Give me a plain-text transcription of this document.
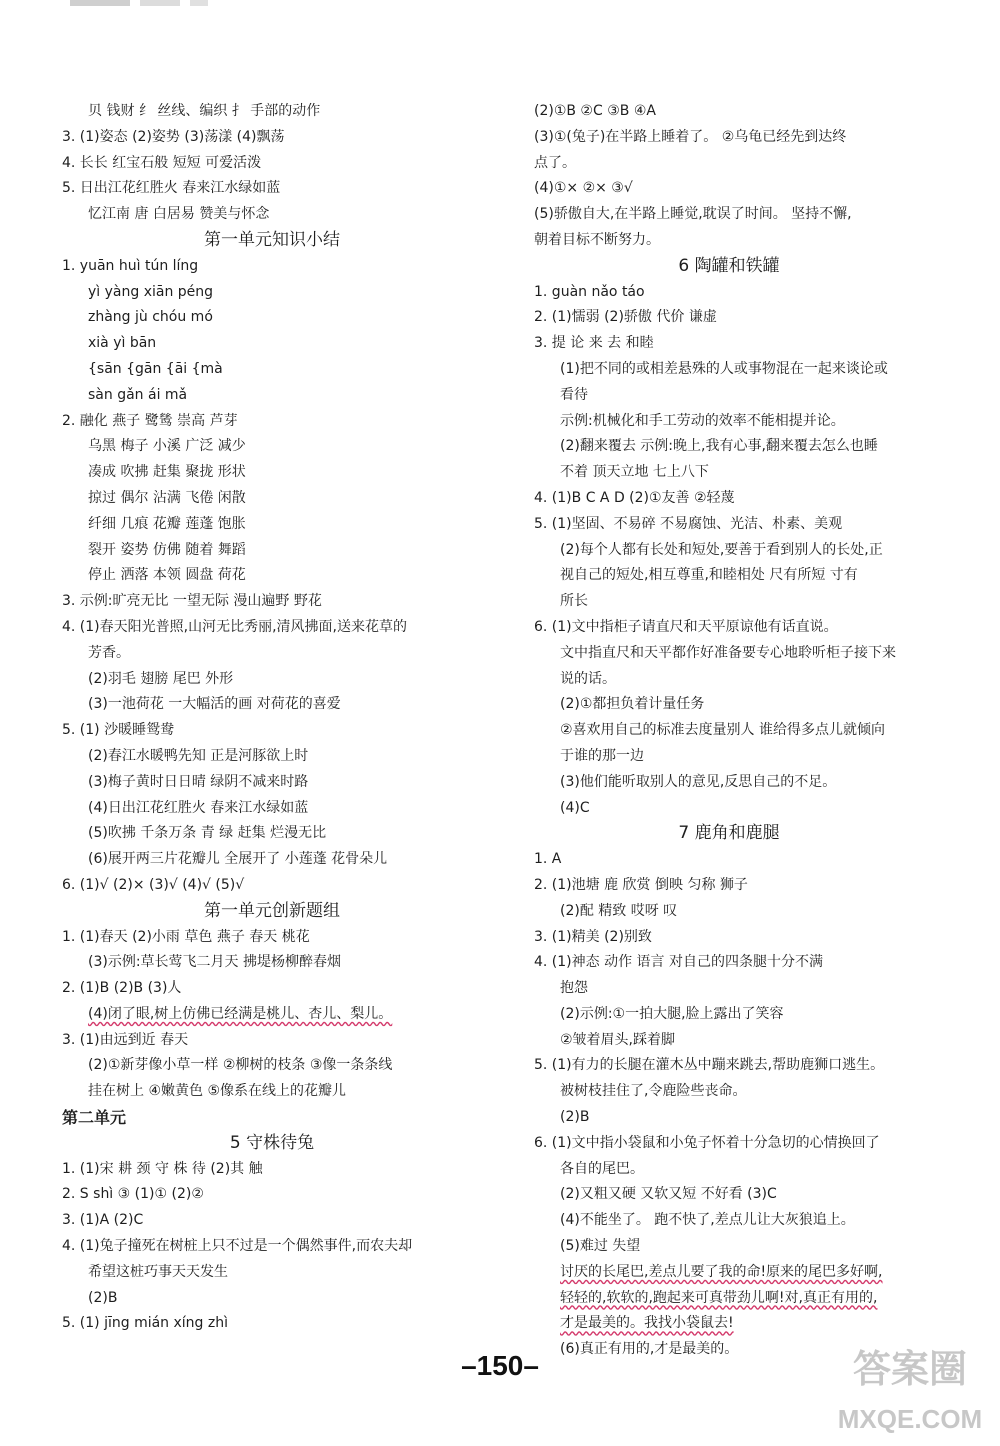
贝 钱财 纟 丝线、编织 扌 手部的动作
3. (1)姿态 (2)姿势 (3)荡漾 (4)飘荡
4. 长长 红宝石般 短短 可爱活泼
5. 日出江花红胜火 春来江水绿如蓝
忆江南 唐 白居易 赞美与怀念
第一单元知识小结
1. yuān huì tún líng
yì yàng xiān péng
zhàng jù chóu mó
xià yì bān
{sān {gān {āi {mà
sàn gǎn ái mǎ
2. 融化 燕子 鹭鸶 崇高 芦芽
乌黑 梅子 小溪 广泛 减少
凑成 吹拂 赶集 聚拢 形状
掠过 偶尔 沾满 飞倦 闲散
纤细 几痕 花瓣 莲蓬 饱胀
裂开 姿势 仿佛 随着 舞蹈
停止 洒落 本领 圆盘 荷花
3. 示例:旷亮无比 一望无际 漫山遍野 野花
4. (1)春天阳光普照,山河无比秀丽,清风拂面,送来花草的
芳香。
(2)羽毛 翅膀 尾巴 外形
(3)一池荷花 一大幅活的画 对荷花的喜爱
5. (1) 沙暖睡鸳鸯
(2)春江水暖鸭先知 正是河豚欲上时
(3)梅子黄时日日晴 绿阴不减来时路
(4)日出江花红胜火 春来江水绿如蓝
(5)吹拂 千条万条 青 绿 赶集 烂漫无比
(6)展开两三片花瓣儿 全展开了 小莲蓬 花骨朵儿
6. (1)√ (2)× (3)√ (4)√ (5)√
第一单元创新题组
1. (1)春天 (2)小雨 草色 燕子 春天 桃花
(3)示例:草长莺飞二月天 拂堤杨柳醉春烟
2. (1)B (2)B (3)人
(4)闭了眼,树上仿佛已经满是桃儿、杏儿、梨儿。
3. (1)由远到近 春天
(2)①新芽像小草一样 ②柳树的枝条 ③像一条条线
挂在树上 ④嫩黄色 ⑤像系在线上的花瓣儿
第二单元
5 守株待兔
1. (1)宋 耕 颈 守 株 待 (2)其 触
2. S shì ③ (1)① (2)②
3. (1)A (2)C
4. (1)兔子撞死在树桩上只不过是一个偶然事件,而农夫却
希望这桩巧事天天发生
(2)B
5. (1) jīng mián xíng zhì
(2)①B ②C ③B ④A
(3)①(兔子)在半路上睡着了。 ②乌龟已经先到达终
点了。
(4)①× ②× ③√
(5)骄傲自大,在半路上睡觉,耽误了时间。 坚持不懈,
朝着目标不断努力。
6 陶罐和铁罐
1. guàn nǎo táo
2. (1)懦弱 (2)骄傲 代价 谦虚
3. 提 论 来 去 和睦
(1)把不同的或相差悬殊的人或事物混在一起来谈论或
看待
示例:机械化和手工劳动的效率不能相提并论。
(2)翻来覆去 示例:晚上,我有心事,翻来覆去怎么也睡
不着 顶天立地 七上八下
4. (1)B C A D (2)①友善 ②轻蔑
5. (1)坚固、不易碎 不易腐蚀、光洁、朴素、美观
(2)每个人都有长处和短处,要善于看到别人的长处,正
视自己的短处,相互尊重,和睦相处 尺有所短 寸有
所长
6. (1)文中指柜子请直尺和天平原谅他有话直说。
文中指直尺和天平都作好准备要专心地聆听柜子接下来
说的话。
(2)①都担负着计量任务
②喜欢用自己的标准去度量别人 谁给得多点儿就倾向
于谁的那一边
(3)他们能听取别人的意见,反思自己的不足。
(4)C
7 鹿角和鹿腿
1. A
2. (1)池塘 鹿 欣赏 倒映 匀称 狮子
(2)配 精致 哎呀 叹
3. (1)精美 (2)别致
4. (1)神态 动作 语言 对自己的四条腿十分不满
抱怨
(2)示例:①一拍大腿,脸上露出了笑容
②皱着眉头,踩着脚
5. (1)有力的长腿在灌木丛中蹦来跳去,帮助鹿狮口逃生。
被树枝挂住了,令鹿险些丧命。
(2)B
6. (1)文中指小袋鼠和小兔子怀着十分急切的心情换回了
各自的尾巴。
(2)又粗又硬 又软又短 不好看 (3)C
(4)不能坐了。 跑不快了,差点儿让大灰狼追上。
(5)难过 失望
讨厌的长尾巴,差点儿要了我的命!原来的尾巴多好啊,
轻轻的,软软的,跑起来可真带劲儿啊!对,真正有用的,
才是最美的。我找小袋鼠去!
(6)真正有用的,才是最美的。
–150–	答案圈
MXQE.COM
